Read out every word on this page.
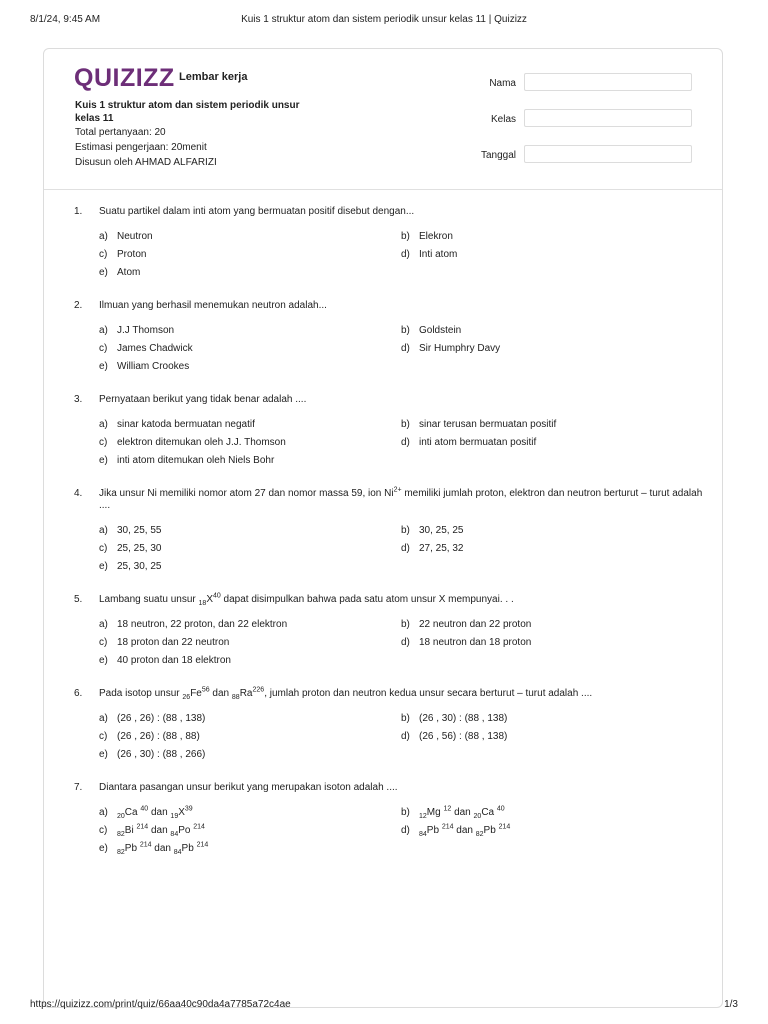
8/1/24, 9:45 AM	Kuis 1 struktur atom dan sistem periodik unsur kelas 11 | Quizizz
QUIZIZZ Lembar kerja
Kuis 1 struktur atom dan sistem periodik unsur kelas 11
Total pertanyaan: 20
Estimasi pengerjaan: 20menit
Disusun oleh AHMAD ALFARIZI
Nama
Kelas
Tanggal
1.	Suatu partikel dalam inti atom yang bermuatan positif disebut dengan...
a) Neutron	b) Elekron
c) Proton	d) Inti atom
e) Atom
2.	Ilmuan yang berhasil menemukan neutron adalah...
a) J.J Thomson	b) Goldstein
c) James Chadwick	d) Sir Humphry Davy
e) William Crookes
3.	Pernyataan berikut yang tidak benar adalah ....
a) sinar katoda bermuatan negatif	b) sinar terusan bermuatan positif
c) elektron ditemukan oleh J.J. Thomson	d) inti atom bermuatan positif
e) inti atom ditemukan oleh Niels Bohr
4.	Jika unsur Ni memiliki nomor atom 27 dan nomor massa 59, ion $Ni^{2+}$ memiliki jumlah proton, elektron dan neutron berturut – turut adalah ....
a) 30, 25, 55	b) 30, 25, 25
c) 25, 25, 30	d) 27, 25, 32
e) 25, 30, 25
5.	Lambang suatu unsur $_{18}X^{40}$ dapat disimpulkan bahwa pada satu atom unsur X mempunyai. . .
a) 18 neutron, 22 proton, dan 22 elektron	b) 22 neutron dan 22 proton
c) 18 proton dan 22 neutron	d) 18 neutron dan 18 proton
e) 40 proton dan 18 elektron
6.	Pada isotop unsur $_{26}Fe^{56}$ dan $_{88}Ra^{226}$, jumlah proton dan neutron kedua unsur secara berturut – turut adalah ....
a) (26 , 26) : (88 , 138)	b) (26 , 30) : (88 , 138)
c) (26 , 26) : (88 , 88)	d) (26 , 56) : (88 , 138)
e) (26 , 30) : (88 , 266)
7.	Diantara pasangan unsur berikut yang merupakan isoton adalah ....
a)	$_{20}$Ca $^{40}$ dan $_{19}X^{39}$	b)	$_{12}$Mg $^{12}$ dan $_{20}$Ca $^{40}$
c)	$_{82}$Bi $^{214}$ dan $_{84}$Po $^{214}$	d)	$_{84}$Pb $^{214}$ dan $_{82}$Pb $^{214}$
e)	$_{82}$Pb $^{214}$ dan $_{84}$Pb $^{214}$
https://quizizz.com/print/quiz/66aa40c90da4a7785a72c4ae	1/3
